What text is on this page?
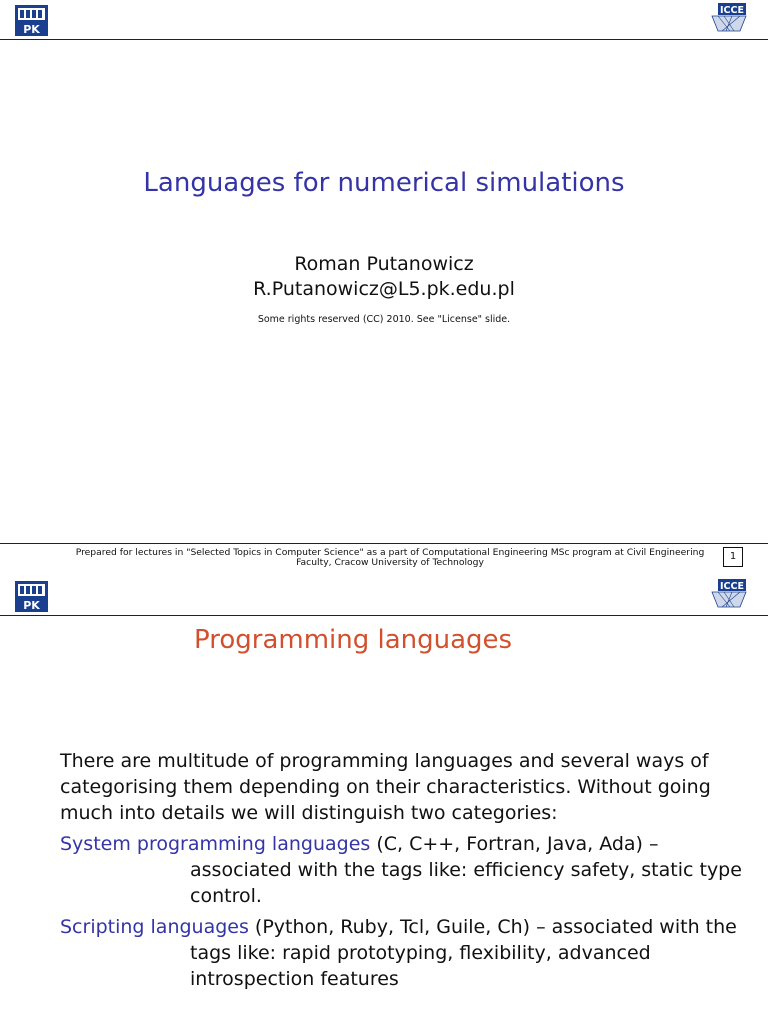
PK
ICCE
Languages for numerical simulations
Roman Putanowicz
R.Putanowicz@L5.pk.edu.pl
Some rights reserved (CC) 2010. See "License" slide.
Prepared for lectures in "Selected Topics in Computer Science" as a part of Computational Engineering MSc program at Civil Engineering Faculty, Cracow University of Technology
1
PK
ICCE
Programming languages
There are multitude of programming languages and several ways of categorising them depending on their characteristics. Without going much into details we will distinguish two categories:
System programming languages (C, C++, Fortran, Java, Ada) –
associated with the tags like: efficiency safety, static type control.
Scripting languages (Python, Ruby, Tcl, Guile, Ch) – associated with the
tags like: rapid prototyping, flexibility, advanced introspection features
